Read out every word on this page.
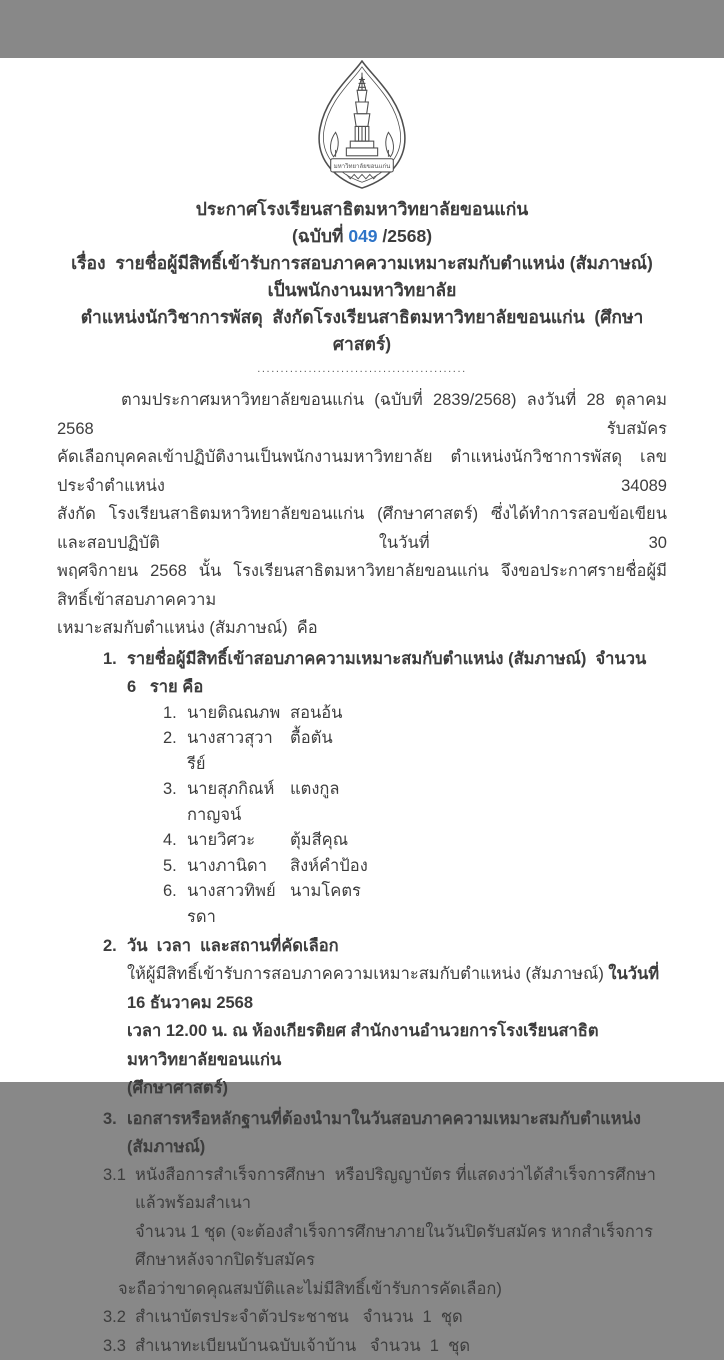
มหาวิทยาลัยขอนแก่น
ประกาศโรงเรียนสาธิตมหาวิทยาลัยขอนแก่น
(ฉบับที่ 049 /2568)
เรื่อง  รายชื่อผู้มีสิทธิ์เข้ารับการสอบภาคความเหมาะสมกับตำแหน่ง (สัมภาษณ์) เป็นพนักงานมหาวิทยาลัย
ตำแหน่งนักวิชาการพัสดุ  สังกัดโรงเรียนสาธิตมหาวิทยาลัยขอนแก่น  (ศึกษาศาสตร์)
.............................................
ตามประกาศมหาวิทยาลัยขอนแก่น (ฉบับที่ 2839/2568) ลงวันที่ 28 ตุลาคม 2568 รับสมัคร
คัดเลือกบุคคลเข้าปฏิบัติงานเป็นพนักงานมหาวิทยาลัย ตำแหน่งนักวิชาการพัสดุ เลขประจำตำแหน่ง 34089
สังกัด โรงเรียนสาธิตมหาวิทยาลัยขอนแก่น (ศึกษาศาสตร์) ซึ่งได้ทำการสอบข้อเขียน และสอบปฏิบัติ ในวันที่ 30
พฤศจิกายน 2568 นั้น โรงเรียนสาธิตมหาวิทยาลัยขอนแก่น จึงขอประกาศรายชื่อผู้มีสิทธิ์เข้าสอบภาคความ
เหมาะสมกับตำแหน่ง (สัมภาษณ์)  คือ
1. รายชื่อผู้มีสิทธิ์เข้าสอบภาคความเหมาะสมกับตำแหน่ง (สัมภาษณ์)  จำนวน   6   ราย คือ
1. นายติณณภพ สอนอ้น
2. นางสาวสุวารีย์
ตื้อตัน
3. นายสุภกิณห์กาญจน์
แตงกูล
4. นายวิศวะ	ตุ้มสีคุณ
5. นางภานิดา	สิงห์คำป้อง
6. นางสาวทิพย์รดา
นามโคตร
2. วัน  เวลา  และสถานที่คัดเลือก
ให้ผู้มีสิทธิ์เข้ารับการสอบภาคความเหมาะสมกับตำแหน่ง (สัมภาษณ์) ในวันที่ 16 ธันวาคม 2568
เวลา 12.00 น. ณ ห้องเกียรติยศ สำนักงานอำนวยการโรงเรียนสาธิตมหาวิทยาลัยขอนแก่น
(ศึกษาศาสตร์)
3. เอกสารหรือหลักฐานที่ต้องนำมาในวันสอบภาคความเหมาะสมกับตำแหน่ง (สัมภาษณ์)
3.1 หนังสือการสำเร็จการศึกษา  หรือปริญญาบัตร ที่แสดงว่าได้สำเร็จการศึกษาแล้วพร้อมสำเนา
จำนวน 1 ชุด (จะต้องสำเร็จการศึกษาภายในวันปิดรับสมัคร หากสำเร็จการศึกษาหลังจากปิดรับสมัคร
จะถือว่าขาดคุณสมบัติและไม่มีสิทธิ์เข้ารับการคัดเลือก)
3.2 สำเนาบัตรประจำตัวประชาชน   จำนวน  1  ชุด
3.3 สำเนาทะเบียนบ้านฉบับเจ้าบ้าน   จำนวน  1  ชุด
